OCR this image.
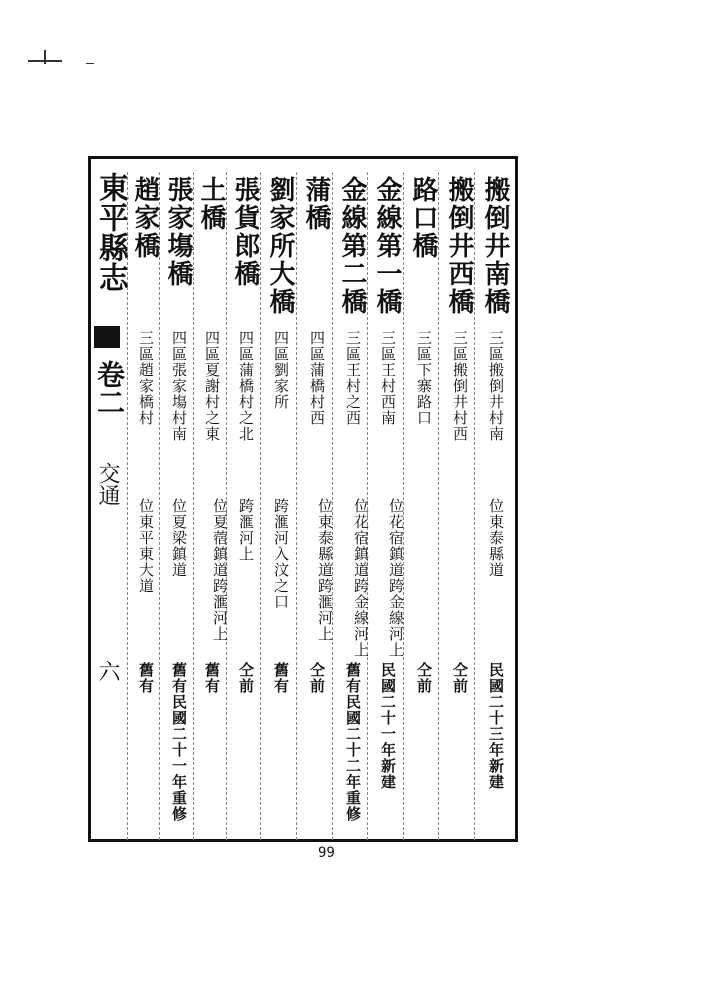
東平縣志
卷二
交通
六
搬倒井南橋
三區搬倒井村南
位東泰縣道
民國二十三年新建
搬倒井西橋
三區搬倒井村西
仝前
路口橋
三區下寨路口
仝前
金線第一橋
三區王村西南
位花宿鎮道跨金線河上
民國二十一年新建
金線第二橋
三區王村之西
位花宿鎮道跨金線河上
舊有民國二十二年重修
蒲橋
四區蒲橋村西
位東泰縣道跨滙河上
仝前
劉家所大橋
四區劉家所
跨滙河入汶之口
舊有
張貨郎橋
四區蒲橋村之北
跨滙河上
仝前
土橋
四區夏謝村之東
位夏蓿鎮道跨滙河上
舊有
張家塲橋
四區張家塲村南
位夏梁鎮道
舊有民國二十一年重修
趙家橋
三區趙家橋村
位東平東大道
舊有
99
